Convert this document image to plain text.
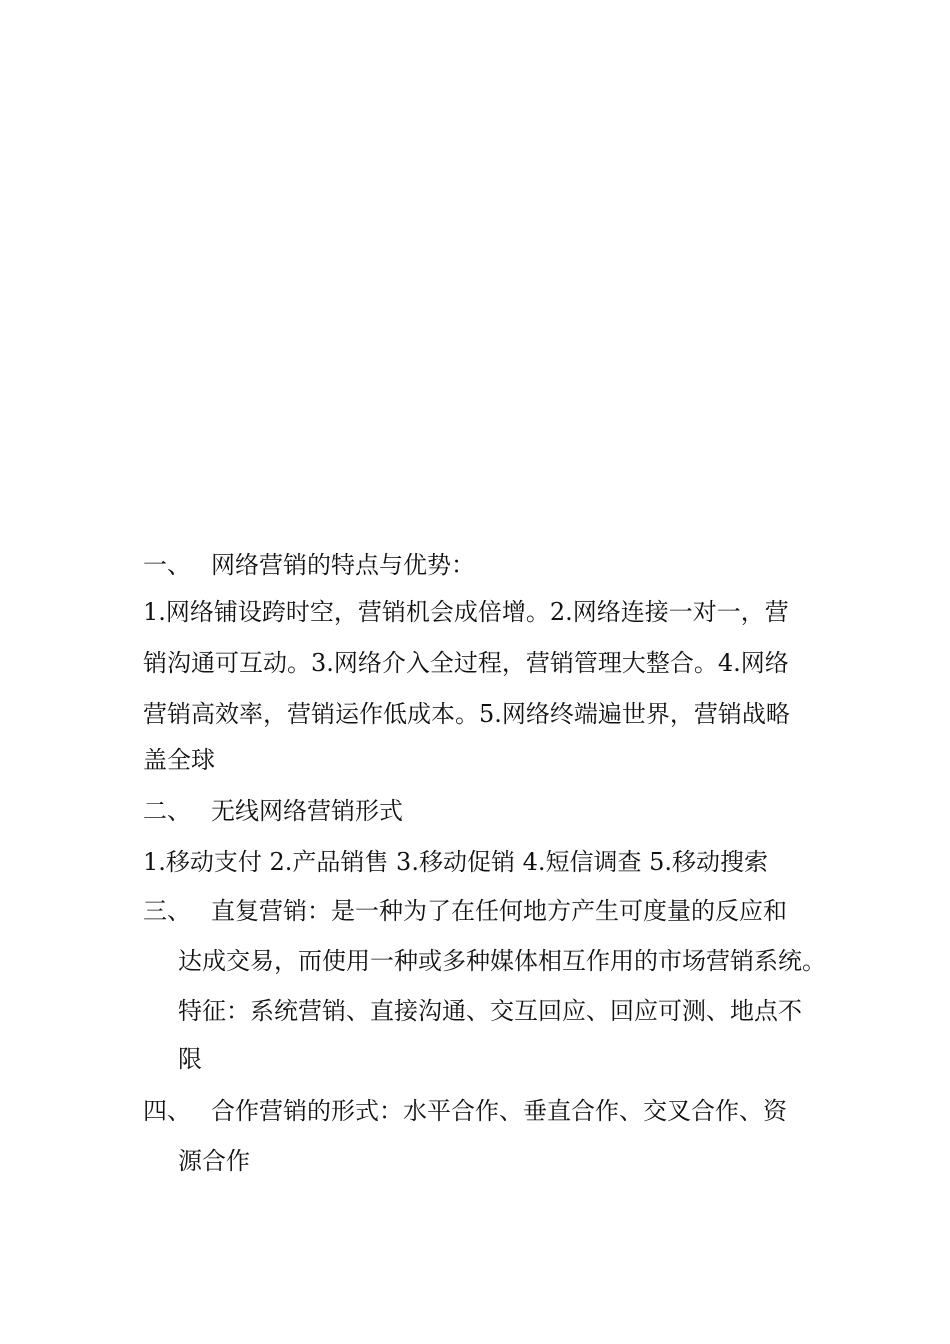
一、 网络营销的特点与优势：
1.网络铺设跨时空，营销机会成倍增。2.网络连接一对一，营
销沟通可互动。3.网络介入全过程，营销管理大整合。4.网络
营销高效率，营销运作低成本。5.网络终端遍世界，营销战略
盖全球
二、 无线网络营销形式
1.移动支付 2.产品销售 3.移动促销 4.短信调查 5.移动搜索
三、 直复营销：是一种为了在任何地方产生可度量的反应和
达成交易，而使用一种或多种媒体相互作用的市场营销系统。
特征：系统营销、直接沟通、交互回应、回应可测、地点不
限
四、 合作营销的形式：水平合作、垂直合作、交叉合作、资
源合作
